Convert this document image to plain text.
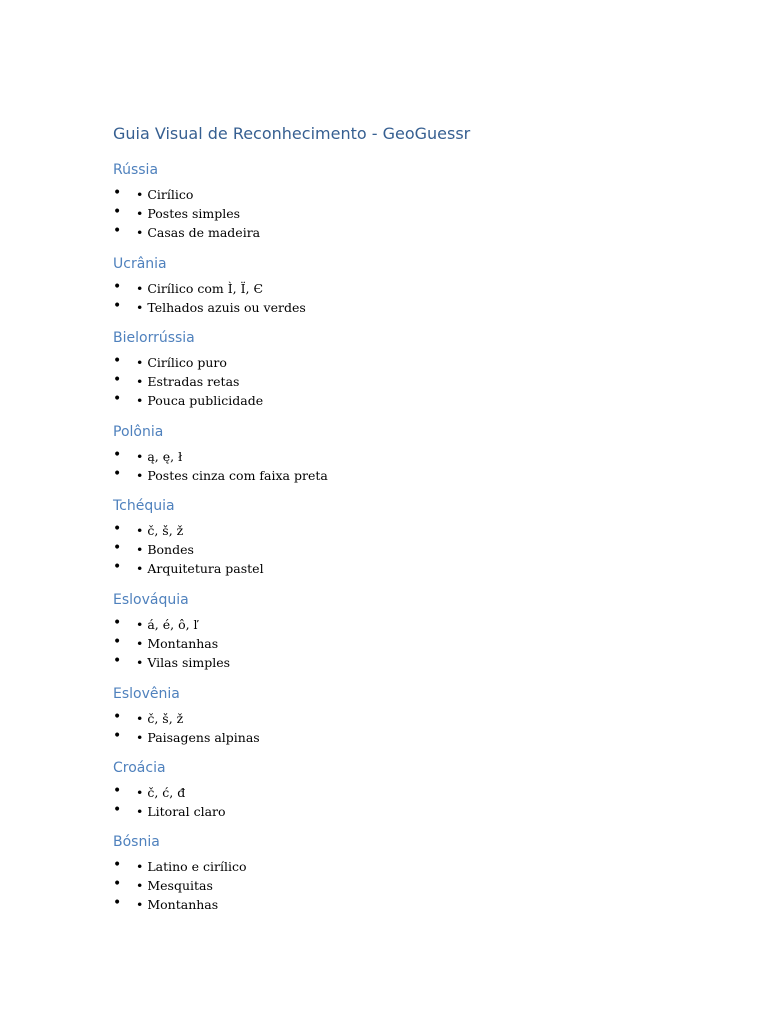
Guia Visual de Reconhecimento - GeoGuessr
Rússia
• • Cirílico
• • Postes simples
• • Casas de madeira
Ucrânia
• • Cirílico com Ì, Ï, Є
• • Telhados azuis ou verdes
Bielorrússia
• • Cirílico puro
• • Estradas retas
• • Pouca publicidade
Polônia
• • ą, ę, ł
• • Postes cinza com faixa preta
Tchéquia
• • č, š, ž
• • Bondes
• • Arquitetura pastel
Eslováquia
• • á, é, ô, ľ
• • Montanhas
• • Vilas simples
Eslovênia
• • č, š, ž
• • Paisagens alpinas
Croácia
• • č, ć, đ
• • Litoral claro
Bósnia
• • Latino e cirílico
• • Mesquitas
• • Montanhas
